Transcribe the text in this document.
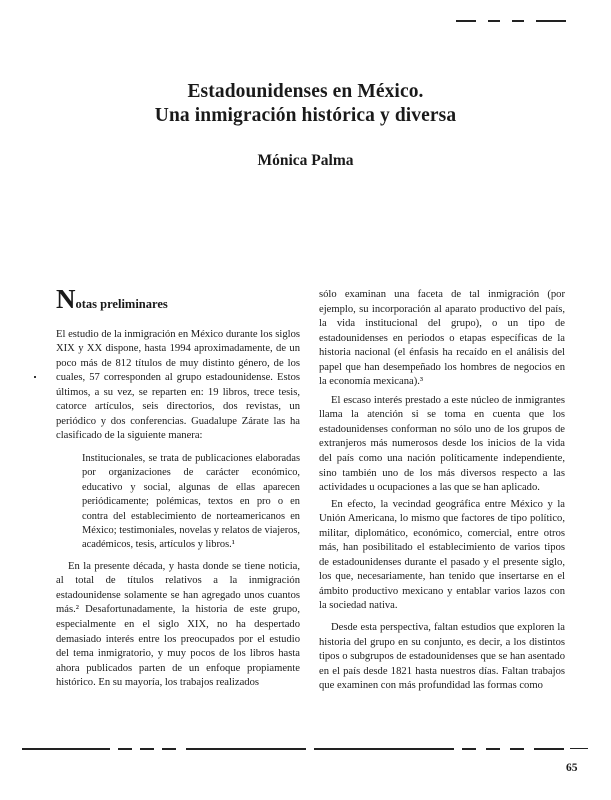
Estadounidenses en México.
Una inmigración histórica y diversa
Mónica Palma
Notas preliminares

El estudio de la inmigración en México durante los siglos XIX y XX dispone, hasta 1994 aproximadamente, de un poco más de 812 títulos de muy distinto género, de los cuales, 57 corresponden al grupo estadounidense. Estos últimos, a su vez, se reparten en: 19 libros, trece tesis, catorce artículos, seis directorios, dos revistas, un periódico y dos conferencias. Guadalupe Zárate las ha clasificado de la siguiente manera:

Institucionales, se trata de publicaciones elaboradas por organizaciones de carácter económico, educativo y social, algunas de ellas aparecen periódicamente; polémicas, textos en pro o en contra del establecimiento de norteamericanos en México; testimoniales, novelas y relatos de viajeros, académicos, tesis, artículos y libros.¹

En la presente década, y hasta donde se tiene noticia, al total de títulos relativos a la inmigración estadounidense solamente se han agregado unos cuantos más.² Desafortunadamente, la historia de este grupo, especialmente en el siglo XIX, no ha despertado demasiado interés entre los preocupados por el estudio del tema inmigratorio, y muy pocos de los libros hasta ahora publicados parten de un enfoque propiamente histórico. En su mayoría, los trabajos realizados

sólo examinan una faceta de tal inmigración (por ejemplo, su incorporación al aparato productivo del país, la vida institucional del grupo), o un tipo de estadounidenses en periodos o etapas específicas de la historia nacional (el énfasis ha recaído en el análisis del papel que han desempeñado los hombres de negocios en la economía mexicana).³

El escaso interés prestado a este núcleo de inmigrantes llama la atención si se toma en cuenta que los estadounidenses conforman no sólo uno de los grupos de extranjeros más numerosos desde los inicios de la vida del país como una nación políticamente independiente, sino también uno de los más diversos respecto a las actividades u ocupaciones a las que se han aplicado.

En efecto, la vecindad geográfica entre México y la Unión Americana, lo mismo que factores de tipo político, militar, diplomático, económico, comercial, entre otros más, han posibilitado el establecimiento de varios tipos de estadounidenses durante el pasado y el presente siglo, los que, necesariamente, han tenido que insertarse en el ámbito productivo mexicano y entablar varios lazos con la sociedad nativa.

Desde esta perspectiva, faltan estudios que exploren la historia del grupo en su conjunto, es decir, a los distintos tipos o subgrupos de estadounidenses que se han asentado en el país desde 1821 hasta nuestros días. Faltan trabajos que examinen con más profundidad las formas como

65
